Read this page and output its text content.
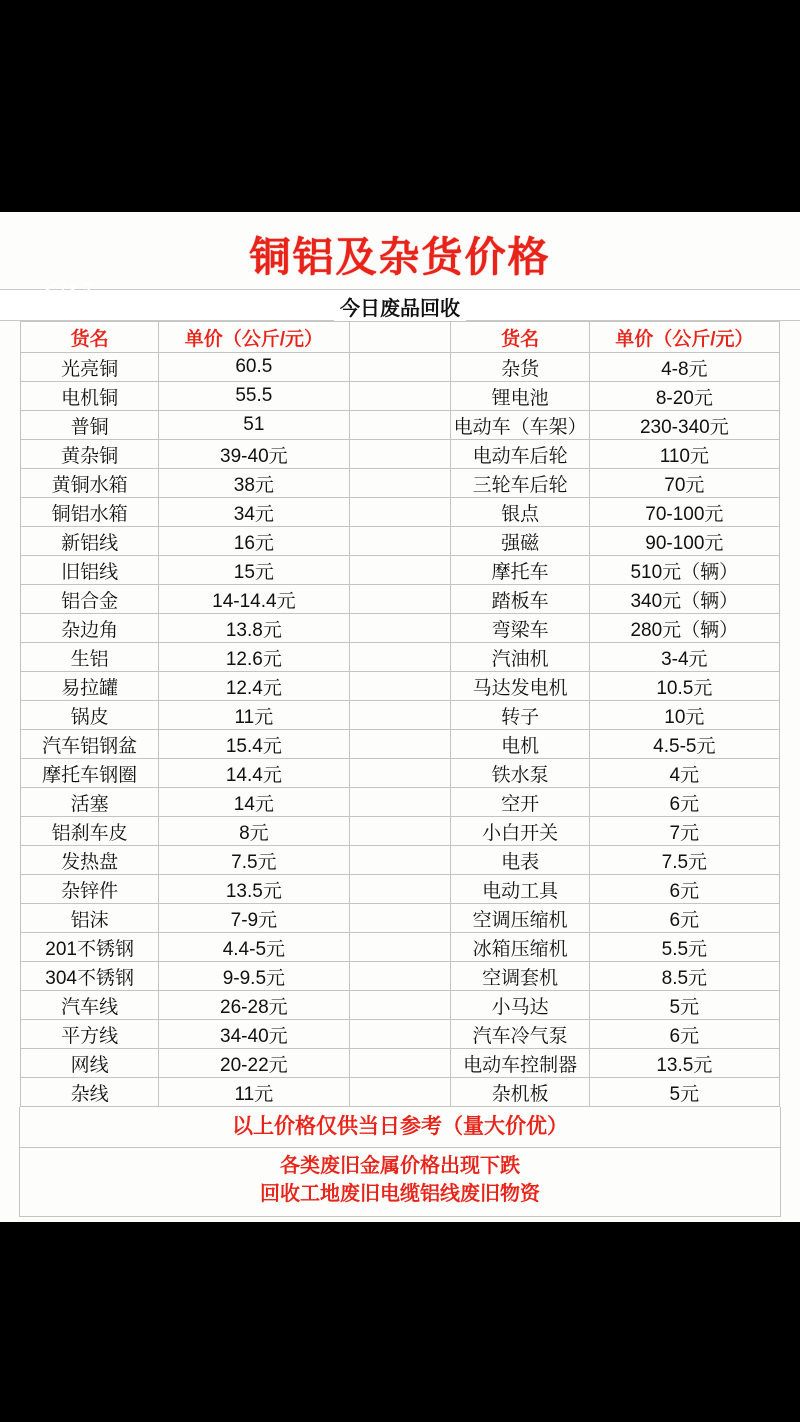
6/17
铜铝及杂货价格
今日废品回收
货名	单价（公斤/元）		货名	单价（公斤/元）
光亮铜	60.5		杂货	4-8元
电机铜	55.5		锂电池	8-20元
普铜	51		电动车（车架）	230-340元
黄杂铜	39-40元		电动车后轮	110元
黄铜水箱	38元		三轮车后轮	70元
铜铝水箱	34元		银点	70-100元
新铝线	16元		强磁	90-100元
旧铝线	15元		摩托车	510元（辆）
铝合金	14-14.4元		踏板车	340元（辆）
杂边角	13.8元		弯梁车	280元（辆）
生铝	12.6元		汽油机	3-4元
易拉罐	12.4元		马达发电机	10.5元
锅皮	11元		转子	10元
汽车铝钢盆	15.4元		电机	4.5-5元
摩托车钢圈	14.4元		铁水泵	4元
活塞	14元		空开	6元
铝刹车皮	8元		小白开关	7元
发热盘	7.5元		电表	7.5元
杂锌件	13.5元		电动工具	6元
铝沫	7-9元		空调压缩机	6元
201不锈钢	4.4-5元		冰箱压缩机	5.5元
304不锈钢	9-9.5元		空调套机	8.5元
汽车线	26-28元		小马达	5元
平方线	34-40元		汽车冷气泵	6元
网线	20-22元		电动车控制器	13.5元
杂线	11元		杂机板	5元
以上价格仅供当日参考（量大价优）
各类废旧金属价格出现下跌
回收工地废旧电缆铝线废旧物资
